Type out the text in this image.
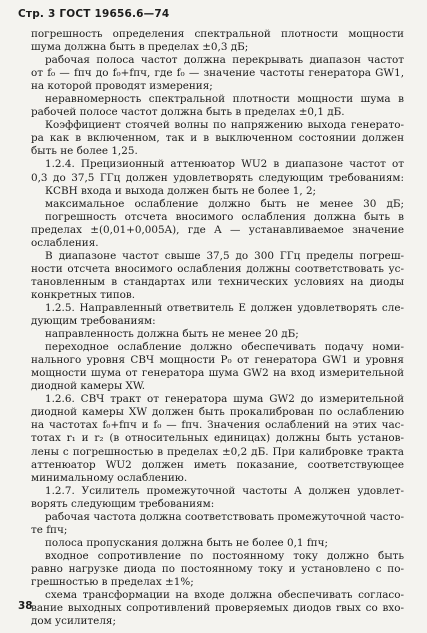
Стр. 3 ГОСТ 19656.6—74
погрешность определения спектральной плотности мощности
шума должна быть в пределах ±0,3 дБ;
рабочая полоса частот должна перекрывать диапазон частот
от f₀ — fпч до f₀+fпч, где f₀ — значение частоты генератора GW1,
на которой проводят измерения;
неравномерность спектральной плотности мощности шума в
рабочей полосе частот должна быть в пределах ±0,1 дБ.
Коэффициент стоячей волны по напряжению выхода генерато-
ра как в включенном, так и в выключенном состоянии должен
быть не более 1,25.
1.2.4. Прецизионный аттенюатор WU2 в диапазоне частот от
0,3 до 37,5 ГГц должен удовлетворять следующим требованиям:
КСВН входа и выхода должен быть не более 1, 2;
максимальное ослабление должно быть не менее 30 дБ;
погрешность отсчета вносимого ослабления должна быть в
пределах ±(0,01+0,005A), где A — устанавливаемое значение
ослабления.
В диапазоне частот свыше 37,5 до 300 ГГц пределы погреш-
ности отсчета вносимого ослабления должны соответствовать ус-
тановленным в стандартах или технических условиях на диоды
конкретных типов.
1.2.5. Направленный ответвитель E должен удовлетворять сле-
дующим требованиям:
направленность должна быть не менее 20 дБ;
переходное ослабление должно обеспечивать подачу номи-
нального уровня СВЧ мощности P₀ от генератора GW1 и уровня
мощности шума от генератора шума GW2 на вход измерительной
диодной камеры XW.
1.2.6. СВЧ тракт от генератора шума GW2 до измерительной
диодной камеры XW должен быть прокалиброван по ослаблению
на частотах f₀+fпч и f₀ — fпч. Значения ослаблений на этих час-
тотах r₁ и r₂ (в относительных единицах) должны быть установ-
лены с погрешностью в пределах ±0,2 дБ. При калибровке тракта
аттенюатор WU2 должен иметь показание, соответствующее
минимальному ослаблению.
1.2.7. Усилитель промежуточной частоты A должен удовлет-
ворять следующим требованиям:
рабочая частота должна соответствовать промежуточной часто-
те fпч;
полоса пропускания должна быть не более 0,1 fпч;
входное сопротивление по постоянному току должно быть
равно нагрузке диода по постоянному току и установлено с по-
грешностью в пределах ±1%;
схема трансформации на входе должна обеспечивать согласо-
вание выходных сопротивлений проверяемых диодов rвых со вхо-
дом усилителя;
38
